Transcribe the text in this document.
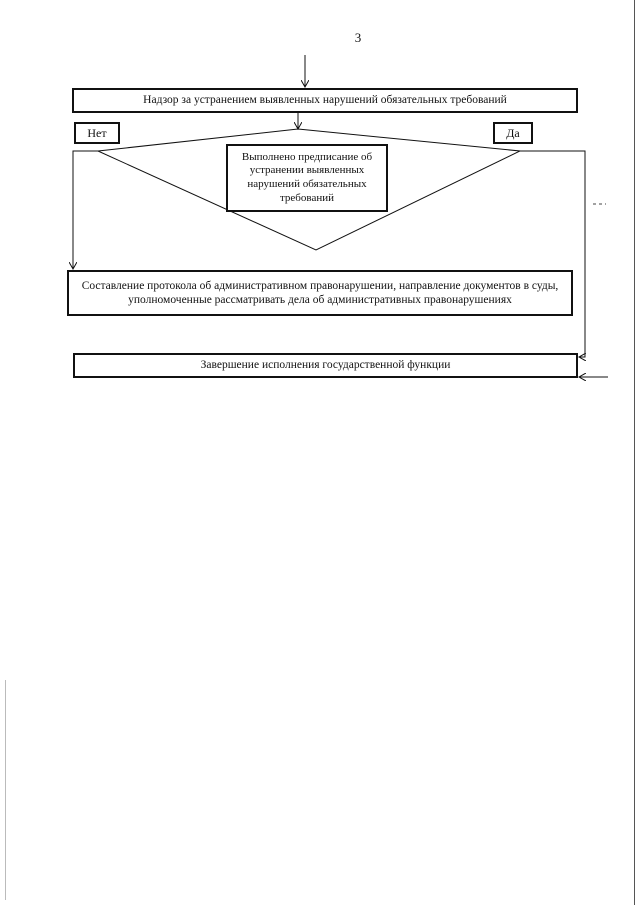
3
Надзор за устранением выявленных нарушений обязательных требований
Нет	Да
Выполнено предписание об устранении выявленных нарушений обязательных требований
Составление протокола об административном правонарушении, направление документов в суды, уполномоченные рассматривать дела об административных правонарушениях
Завершение исполнения государственной функции
